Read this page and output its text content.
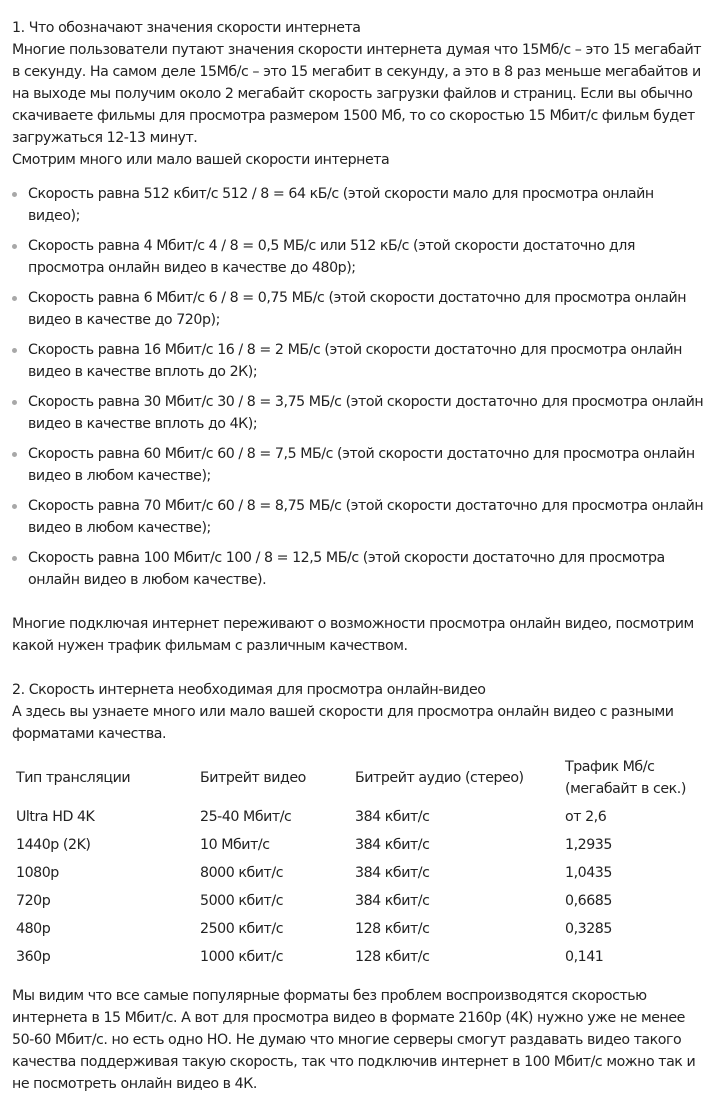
1. Что обозначают значения скорости интернета

Многие пользователи путают значения скорости интернета думая что 15Мб/с – это 15 мегабайт в секунду. На самом деле 15Мб/с – это 15 мегабит в секунду, а это в 8 раз меньше мегабайтов и на выходе мы получим около 2 мегабайт скорость загрузки файлов и страниц. Если вы обычно скачиваете фильмы для просмотра размером 1500 Мб, то со скоростью 15 Мбит/с фильм будет загружаться 12-13 минут.

Смотрим много или мало вашей скорости интернета

Скорость равна 512 кбит/с 512 / 8 = 64 кБ/с (этой скорости мало для просмотра онлайн видео);
Скорость равна 4 Мбит/с 4 / 8 = 0,5 МБ/с или 512 кБ/с (этой скорости достаточно для просмотра онлайн видео в качестве до 480р);
Скорость равна 6 Мбит/с 6 / 8 = 0,75 МБ/с (этой скорости достаточно для просмотра онлайн видео в качестве до 720р);
Скорость равна 16 Мбит/с 16 / 8 = 2 МБ/с (этой скорости достаточно для просмотра онлайн видео в качестве вплоть до 2К);
Скорость равна 30 Мбит/с 30 / 8 = 3,75 МБ/с (этой скорости достаточно для просмотра онлайн видео в качестве вплоть до 4К);
Скорость равна 60 Мбит/с 60 / 8 = 7,5 МБ/с (этой скорости достаточно для просмотра онлайн видео в любом качестве);
Скорость равна 70 Мбит/с 60 / 8 = 8,75 МБ/с (этой скорости достаточно для просмотра онлайн видео в любом качестве);
Скорость равна 100 Мбит/с 100 / 8 = 12,5 МБ/с (этой скорости достаточно для просмотра онлайн видео в любом качестве).

Многие подключая интернет переживают о возможности просмотра онлайн видео, посмотрим какой нужен трафик фильмам с различным качеством.

2. Скорость интернета необходимая для просмотра онлайн-видео

А здесь вы узнаете много или мало вашей скорости для просмотра онлайн видео с разными форматами качества.

Тип трансляции	Битрейт видео	Битрейт аудио (стерео)	Трафик Мб/с (мегабайт в сек.)
Ultra HD 4K	25-40 Мбит/с	384 кбит/с	от 2,6
1440p (2K)	10 Мбит/с	384 кбит/с	1,2935
1080p	8000 кбит/с	384 кбит/с	1,0435
720p	5000 кбит/с	384 кбит/с	0,6685
480p	2500 кбит/с	128 кбит/с	0,3285
360p	1000 кбит/с	128 кбит/с	0,141

Мы видим что все самые популярные форматы без проблем воспроизводятся скоростью интернета в 15 Мбит/с. А вот для просмотра видео в формате 2160p (4K) нужно уже не менее 50-60 Мбит/с. но есть одно НО. Не думаю что многие серверы смогут раздавать видео такого качества поддерживая такую скорость, так что подключив интернет в 100 Мбит/с можно так и не посмотреть онлайн видео в 4К.
